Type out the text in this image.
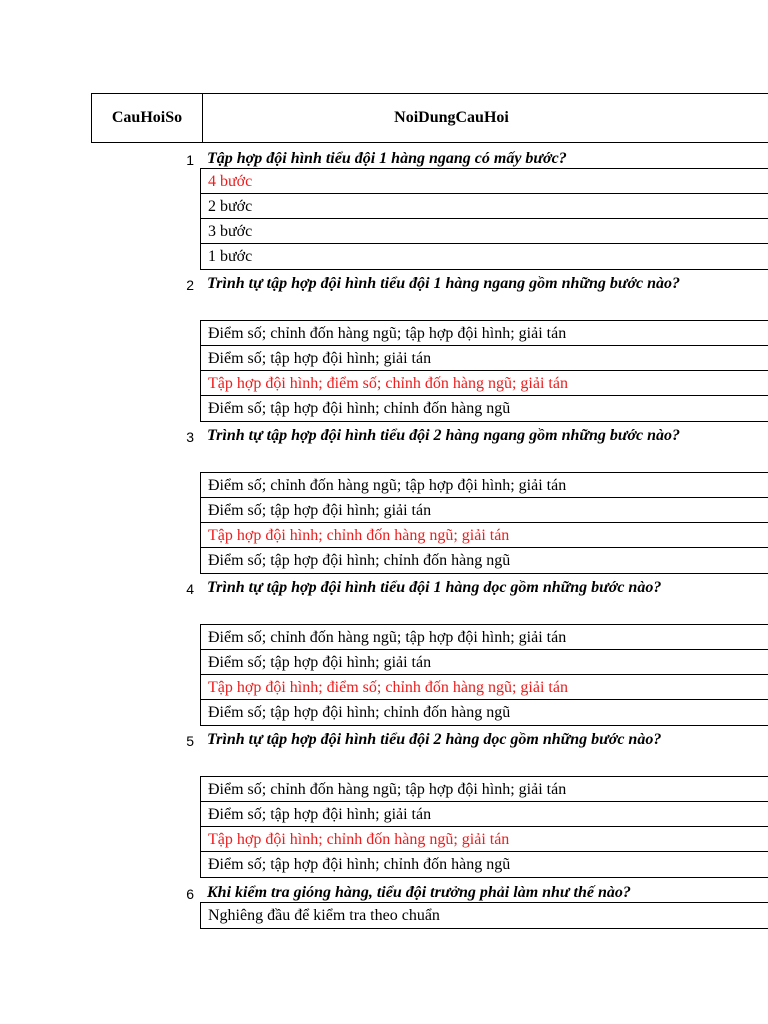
CauHoiSo	NoiDungCauHoi
1 Tập hợp đội hình tiểu đội 1 hàng ngang có mấy bước?
4 bước
2 bước
3 bước
1 bước
2 Trình tự tập hợp đội hình tiểu đội 1 hàng ngang gồm những bước nào?
Điểm số; chỉnh đốn hàng ngũ; tập hợp đội hình; giải tán
Điểm số; tập hợp đội hình; giải tán
Tập hợp đội hình; điểm số; chỉnh đốn hàng ngũ; giải tán
Điểm số; tập hợp đội hình; chỉnh đốn hàng ngũ
3 Trình tự tập hợp đội hình tiểu đội 2 hàng ngang gồm những bước nào?
Điểm số; chỉnh đốn hàng ngũ; tập hợp đội hình; giải tán
Điểm số; tập hợp đội hình; giải tán
Tập hợp đội hình; chỉnh đốn hàng ngũ; giải tán
Điểm số; tập hợp đội hình; chỉnh đốn hàng ngũ
4 Trình tự tập hợp đội hình tiểu đội 1 hàng dọc gồm những bước nào?
Điểm số; chỉnh đốn hàng ngũ; tập hợp đội hình; giải tán
Điểm số; tập hợp đội hình; giải tán
Tập hợp đội hình; điểm số; chỉnh đốn hàng ngũ; giải tán
Điểm số; tập hợp đội hình; chỉnh đốn hàng ngũ
5 Trình tự tập hợp đội hình tiểu đội 2 hàng dọc gồm những bước nào?
Điểm số; chỉnh đốn hàng ngũ; tập hợp đội hình; giải tán
Điểm số; tập hợp đội hình; giải tán
Tập hợp đội hình; chỉnh đốn hàng ngũ; giải tán
Điểm số; tập hợp đội hình; chỉnh đốn hàng ngũ
6 Khi kiểm tra gióng hàng, tiểu đội trưởng phải làm như thế nào?
Nghiêng đầu để kiểm tra theo chuẩn
